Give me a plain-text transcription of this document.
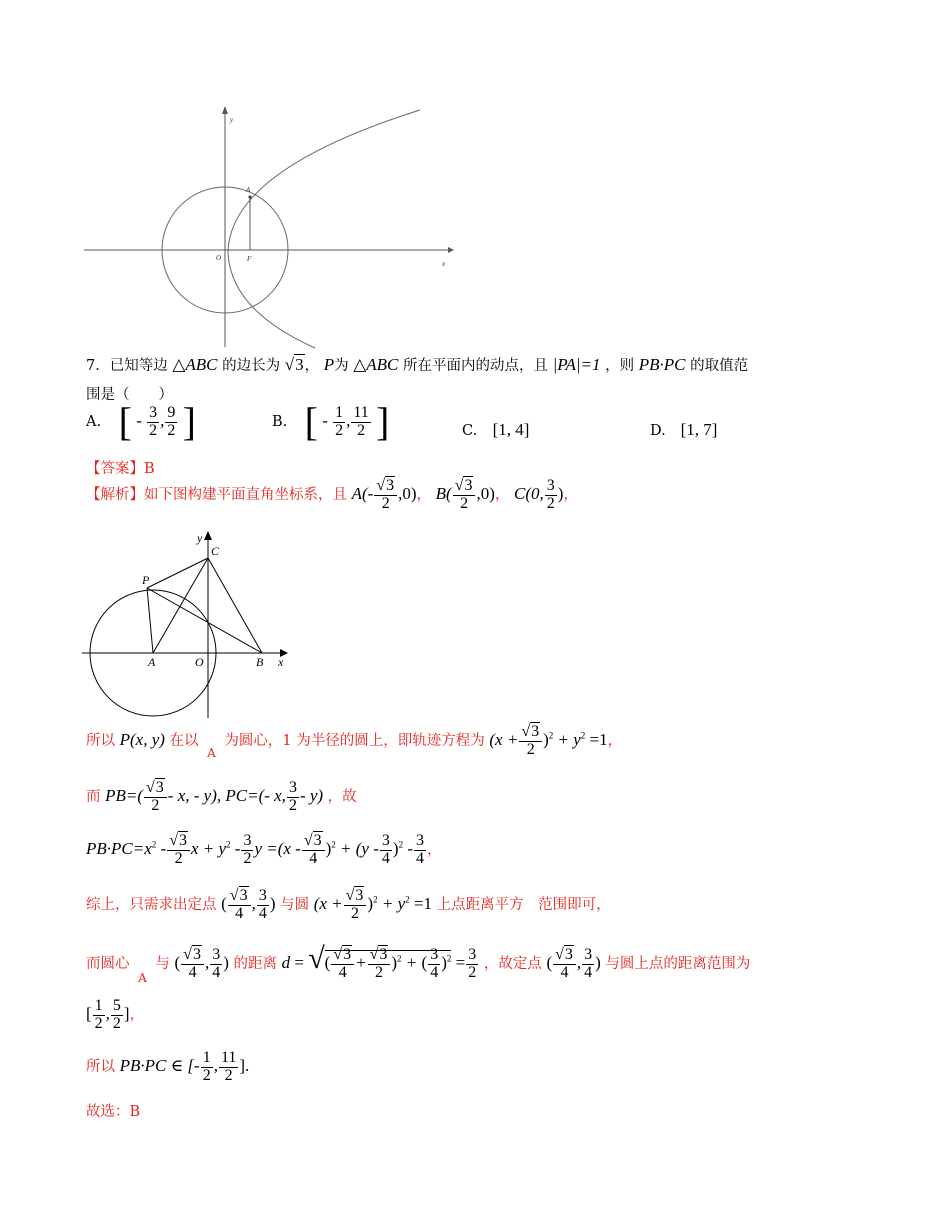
y
x
O
A
F
7．已知等边 △ABC 的边长为 √3， P为 △ABC 所在平面内的动点，且 |PA|=1 ，则 PB·PC 的取值范
围是（　　）
A. [ - $\frac{3}{2}$ , $\frac{9}{2}$ ]	B. [ - $\frac{1}{2}$ , $\frac{11}{2}$ ]	C. [1, 4]	D. [1, 7]
【答案】B
【解析】如下图构建平面直角坐标系，且 $A(- \frac{√3}{2} ,0)$， $B( \frac{√3}{2} ,0)$， C(0, $\frac{3}{2}$ )，
y
C
P
A	O	B x
所以 P(x, y) 在以 $_A$ 为圆心，1 为半径的圆上，即轨迹方程为 $(x + \frac{√3}{2} )^2 + y^2 =1$，
而 $PB=( \frac{√3}{2} - x$, - y), PC=(- x, $\frac{3}{2} - y$) ，故
$PB\cdot PC=x^2 - \frac{√3}{2}$ $x + y^2 - \frac{3}{2}$ $y =(x - \frac{√3}{4} )^2 + (y - \frac{3}{4} )^2 - \frac{3}{4}$ ，
综上，只需求出定点 ( $\frac{√3}{4}$ , $\frac{3}{4}$ ) 与圆 $(x + \frac{√3}{2} )^2 + y^2 =1$ 上点距离平方　范围即可，
而圆心 $_A$ 与 ( $\frac{√3}{4}$ , $\frac{3}{4}$ ) 的距离 d = √( $\frac{√3}{4} + \frac{√3}{2} )^2$ + ( $\frac{3}{4} )^2 = \frac{3}{2}$ ，故定点 ( $\frac{√3}{4}$ , $\frac{3}{4}$ ) 与圆上点的距离范围为
[ $\frac{1}{2}$ , $\frac{5}{2}$ ]，
所以 PB·PC ∈ [- $\frac{1}{2}$ , $\frac{11}{2}$ ].
故选：B
